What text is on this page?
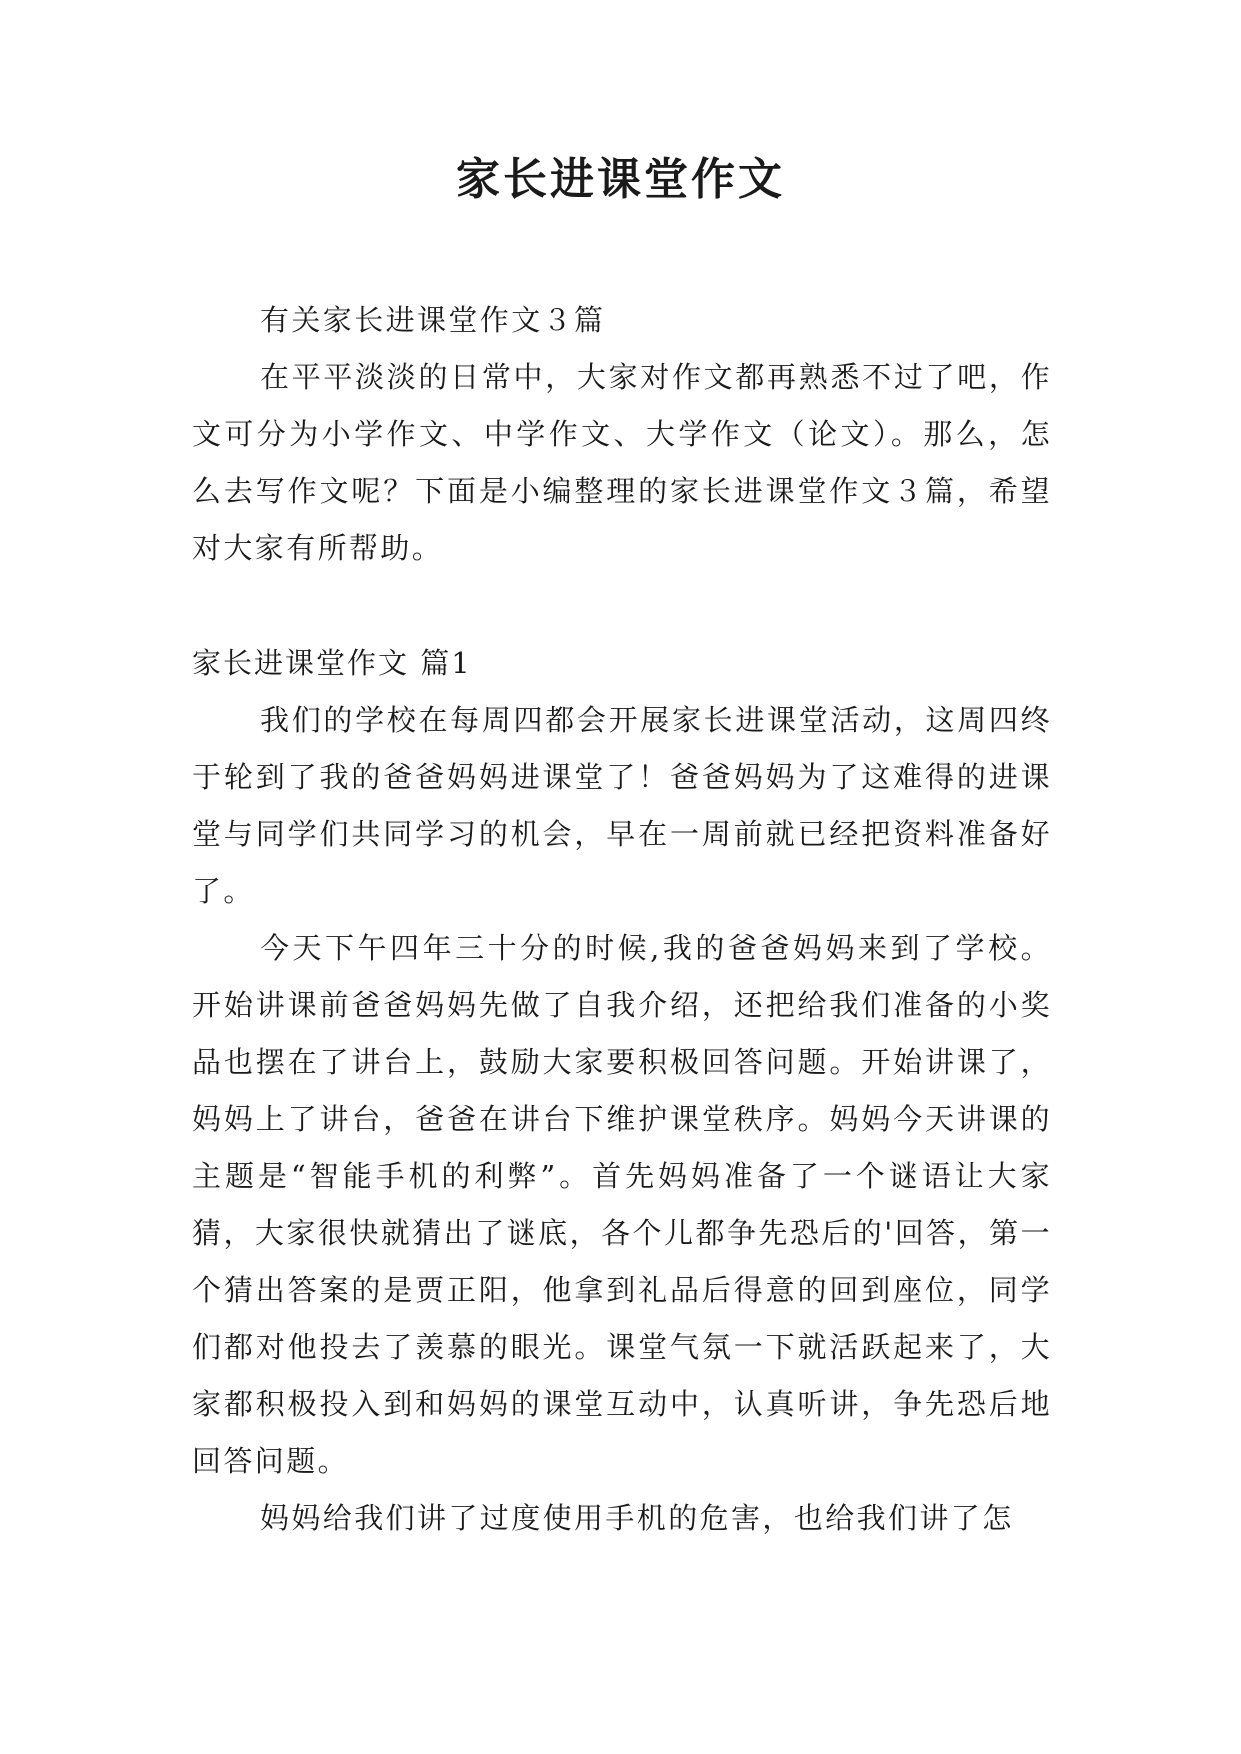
家长进课堂作文

有关家长进课堂作文３篇

在平平淡淡的日常中，大家对作文都再熟悉不过了吧，作文可分为小学作文、中学作文、大学作文（论文）。那么，怎么去写作文呢？下面是小编整理的家长进课堂作文３篇，希望对大家有所帮助。

家长进课堂作文 篇1

我们的学校在每周四都会开展家长进课堂活动，这周四终于轮到了我的爸爸妈妈进课堂了！爸爸妈妈为了这难得的进课堂与同学们共同学习的机会，早在一周前就已经把资料准备好了。

今天下午四年三十分的时候,我的爸爸妈妈来到了学校。开始讲课前爸爸妈妈先做了自我介绍，还把给我们准备的小奖品也摆在了讲台上，鼓励大家要积极回答问题。开始讲课了，妈妈上了讲台，爸爸在讲台下维护课堂秩序。妈妈今天讲课的主题是“智能手机的利弊”。首先妈妈准备了一个谜语让大家猜，大家很快就猜出了谜底，各个儿都争先恐后的'回答，第一个猜出答案的是贾正阳，他拿到礼品后得意的回到座位，同学们都对他投去了羡慕的眼光。课堂气氛一下就活跃起来了，大家都积极投入到和妈妈的课堂互动中，认真听讲，争先恐后地回答问题。

妈妈给我们讲了过度使用手机的危害，也给我们讲了怎
